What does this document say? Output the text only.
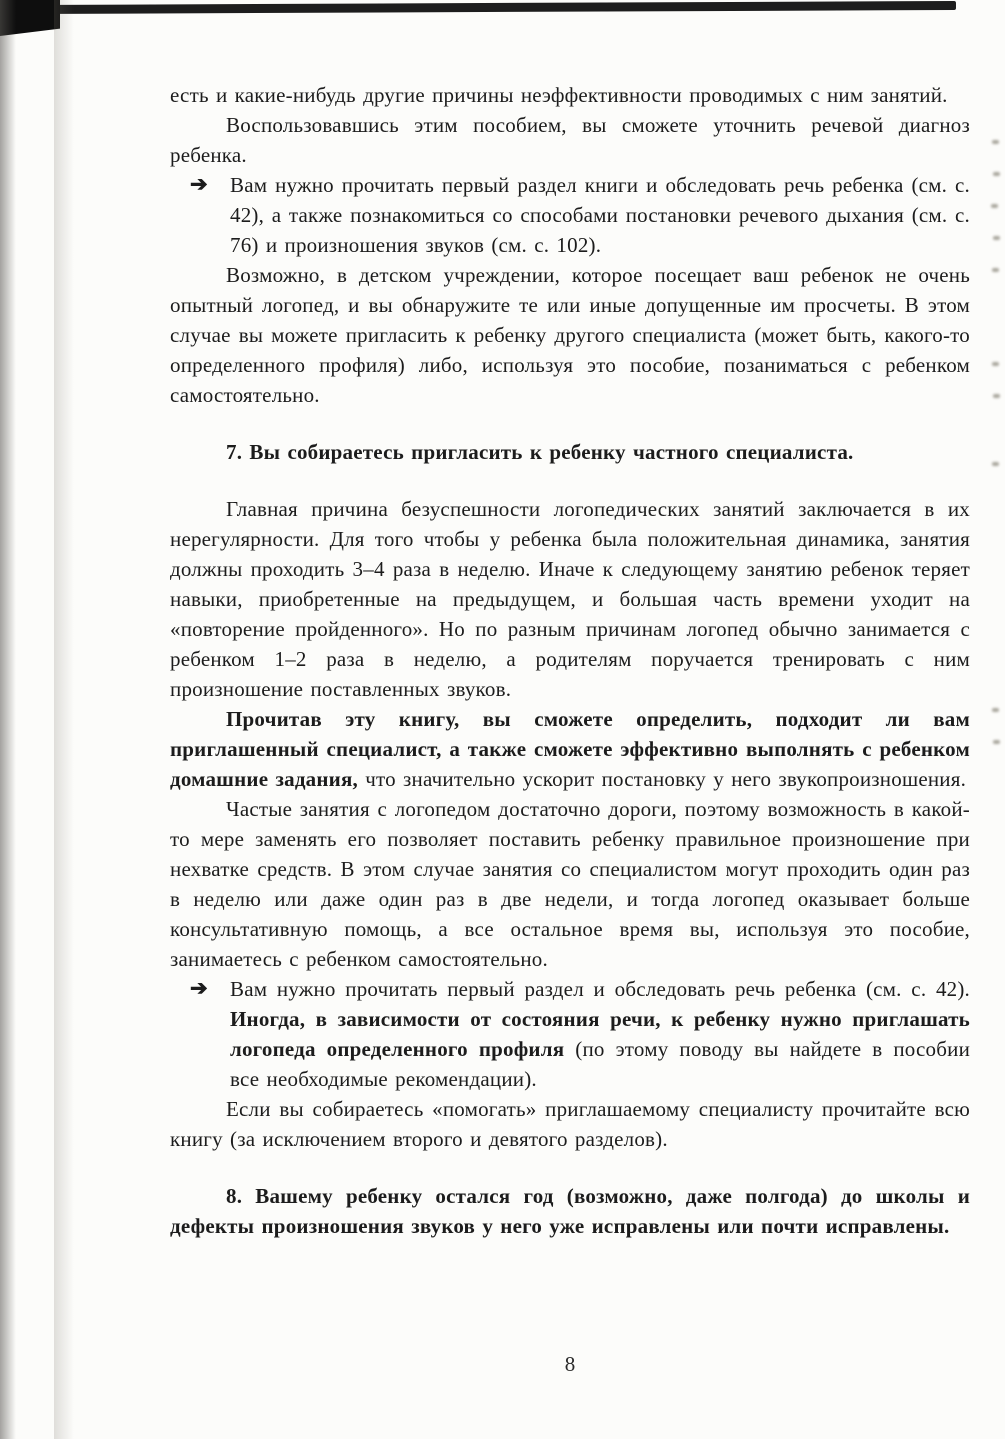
есть и какие-нибудь другие причины неэффективности проводимых с ним занятий.
Воспользовавшись этим пособием, вы сможете уточнить речевой диагноз ребенка.
➔ Вам нужно прочитать первый раздел книги и обследовать речь ребенка (см. с. 42), а также познакомиться со способами постановки речевого дыхания (см. с. 76) и произношения звуков (см. с. 102).
Возможно, в детском учреждении, которое посещает ваш ребенок не очень опытный логопед, и вы обнаружите те или иные допущенные им просчеты. В этом случае вы можете пригласить к ребенку другого специалиста (может быть, какого-то определенного профиля) либо, используя это пособие, позаниматься с ребенком самостоятельно.
7. Вы собираетесь пригласить к ребенку частного специалиста.
Главная причина безуспешности логопедических занятий заключается в их нерегулярности. Для того чтобы у ребенка была положительная динамика, занятия должны проходить 3–4 раза в неделю. Иначе к следующему занятию ребенок теряет навыки, приобретенные на предыдущем, и большая часть времени уходит на «повторение пройденного». Но по разным причинам логопед обычно занимается с ребенком 1–2 раза в неделю, а родителям поручается тренировать с ним произношение поставленных звуков.
Прочитав эту книгу, вы сможете определить, подходит ли вам приглашенный специалист, а также сможете эффективно выполнять с ребенком домашние задания, что значительно ускорит постановку у него звукопроизношения.
Частые занятия с логопедом достаточно дороги, поэтому возможность в какой-то мере заменять его позволяет поставить ребенку правильное произношение при нехватке средств. В этом случае занятия со специалистом могут проходить один раз в неделю или даже один раз в две недели, и тогда логопед оказывает больше консультативную помощь, а все остальное время вы, используя это пособие, занимаетесь с ребенком самостоятельно.
➔ Вам нужно прочитать первый раздел и обследовать речь ребенка (см. с. 42). Иногда, в зависимости от состояния речи, к ребенку нужно приглашать логопеда определенного профиля (по этому поводу вы найдете в пособии все необходимые рекомендации).
Если вы собираетесь «помогать» приглашаемому специалисту прочитайте всю книгу (за исключением второго и девятого разделов).
8. Вашему ребенку остался год (возможно, даже полгода) до школы и дефекты произношения звуков у него уже исправлены или почти исправлены.
8
